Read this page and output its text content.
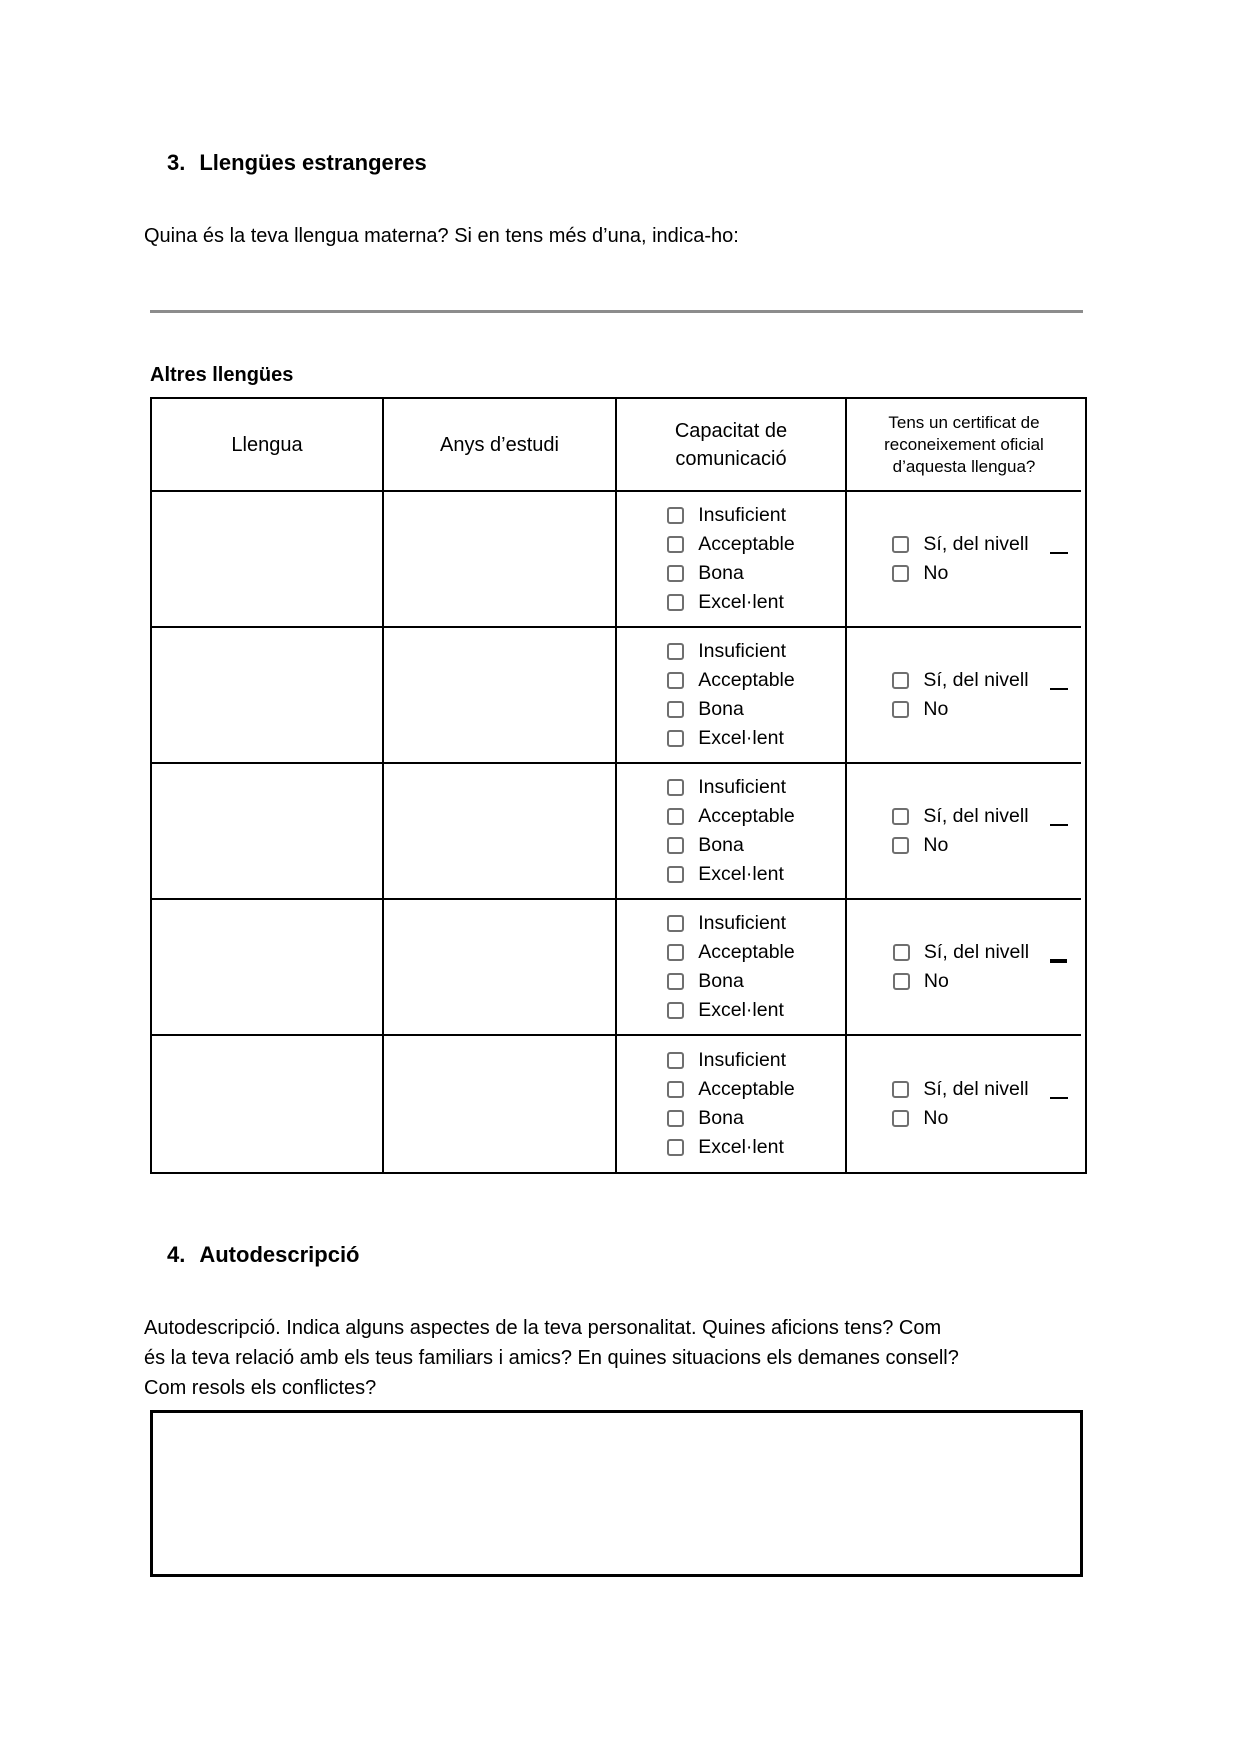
3. Llengües estrangeres
Quina és la teva llengua materna? Si en tens més d’una, indica-ho:
Altres llengües
Llengua	Anys d’estudi
Capacitat de comunicació
Tens un certificat de reconeixement oficial d’aquesta llengua?
Insuficient
Acceptable
Bona
Excel·lent
Sí, del nivell
No
Insuficient
Acceptable
Bona
Excel·lent
Sí, del nivell
No
Insuficient
Acceptable
Bona
Excel·lent
Sí, del nivell
No
Insuficient
Acceptable
Bona
Excel·lent
Sí, del nivell
No
Insuficient
Acceptable
Bona
Excel·lent
Sí, del nivell
No
4. Autodescripció
Autodescripció. Indica alguns aspectes de la teva personalitat. Quines aficions tens? Com
és la teva relació amb els teus familiars i amics? En quines situacions els demanes consell?
Com resols els conflictes?
